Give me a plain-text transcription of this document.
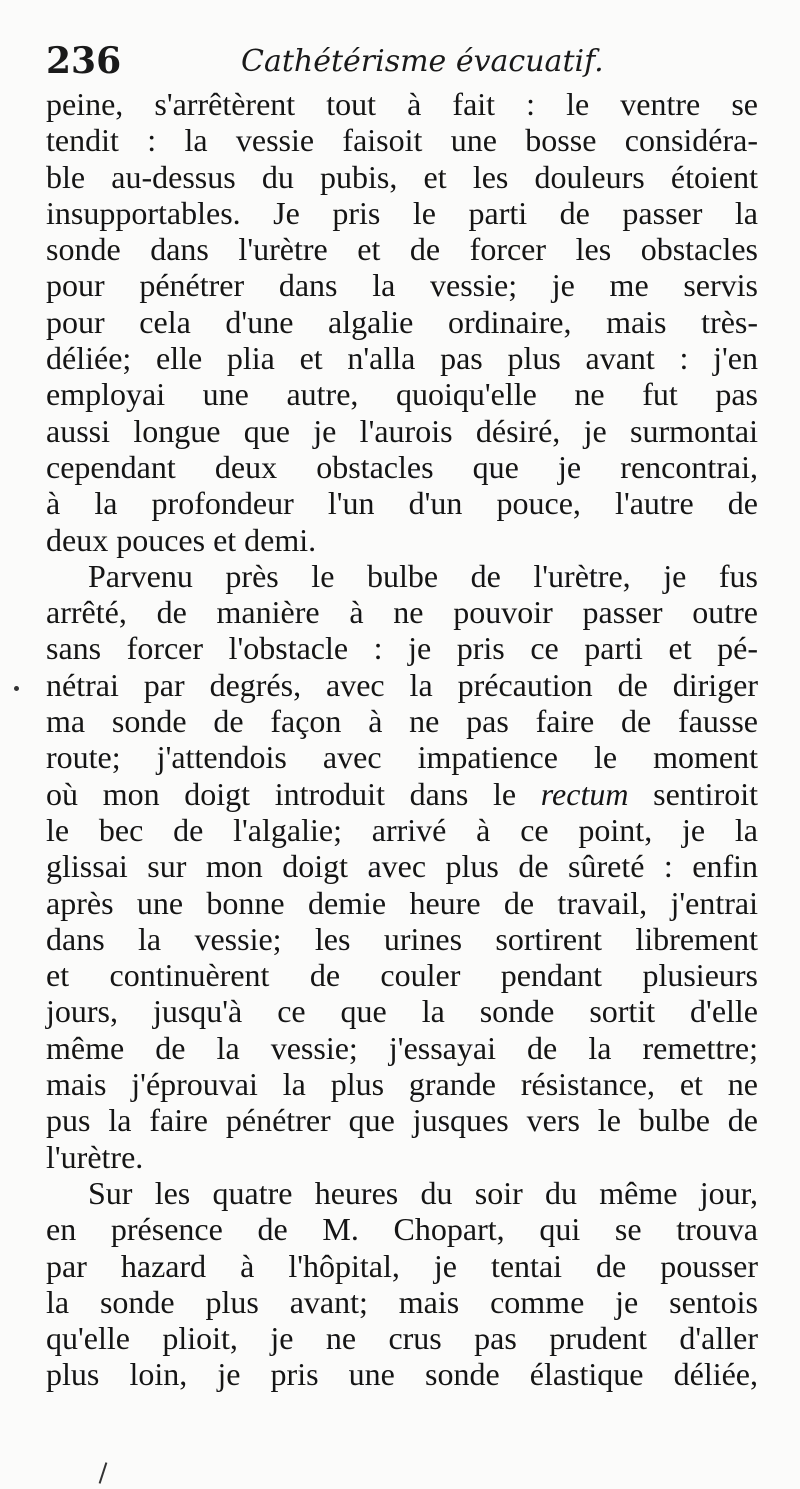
236	Cathétérisme évacuatif.
peine, s'arrêtèrent tout à fait : le ventre se
tendit : la vessie faisoit une bosse considéra-
ble au-dessus du pubis, et les douleurs étoient
insupportables. Je pris le parti de passer la
sonde dans l'urètre et de forcer les obstacles
pour pénétrer dans la vessie; je me servis
pour cela d'une algalie ordinaire, mais très-
déliée; elle plia et n'alla pas plus avant : j'en
employai une autre, quoiqu'elle ne fut pas
aussi longue que je l'aurois désiré, je surmontai
cependant deux obstacles que je rencontrai,
à la profondeur l'un d'un pouce, l'autre de
deux pouces et demi.
Parvenu près le bulbe de l'urètre, je fus
arrêté, de manière à ne pouvoir passer outre
sans forcer l'obstacle : je pris ce parti et pé-
nétrai par degrés, avec la précaution de diriger
ma sonde de façon à ne pas faire de fausse
route; j'attendois avec impatience le moment
où mon doigt introduit dans le rectum sentiroit
le bec de l'algalie; arrivé à ce point, je la
glissai sur mon doigt avec plus de sûreté : enfin
après une bonne demie heure de travail, j'entrai
dans la vessie; les urines sortirent librement
et continuèrent de couler pendant plusieurs
jours, jusqu'à ce que la sonde sortit d'elle
même de la vessie; j'essayai de la remettre;
mais j'éprouvai la plus grande résistance, et ne
pus la faire pénétrer que jusques vers le bulbe de
l'urètre.
Sur les quatre heures du soir du même jour,
en présence de M. Chopart, qui se trouva
par hazard à l'hôpital, je tentai de pousser
la sonde plus avant; mais comme je sentois
qu'elle plioit, je ne crus pas prudent d'aller
plus loin, je pris une sonde élastique déliée,
